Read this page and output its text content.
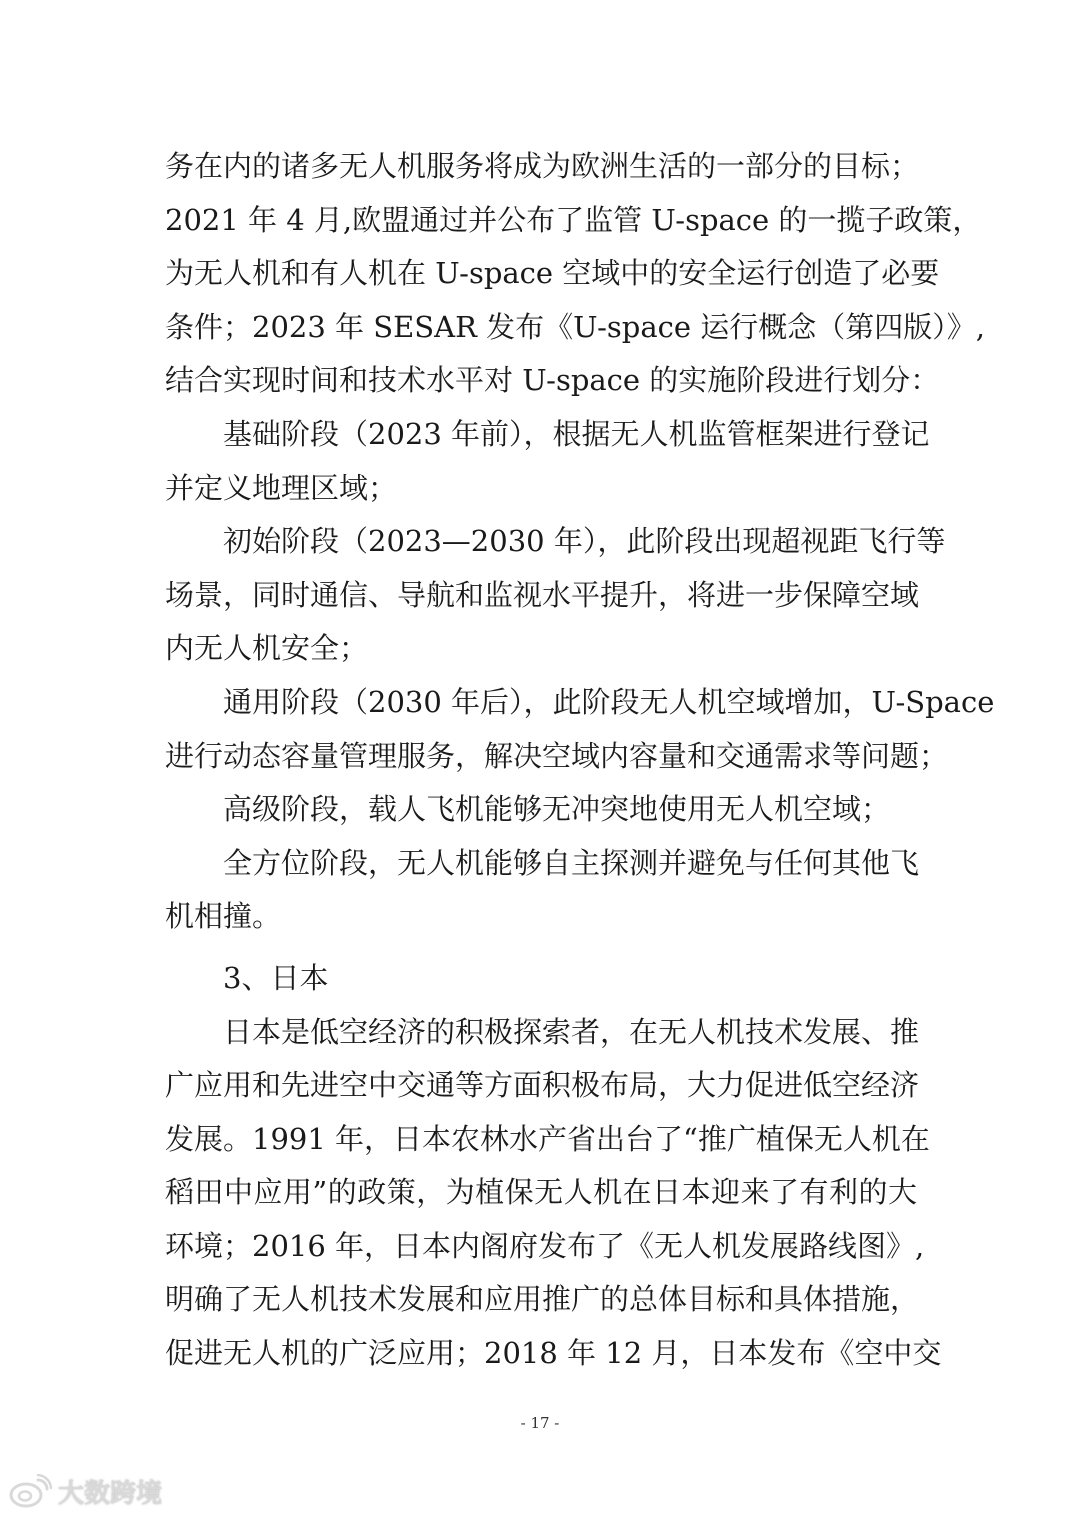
务在内的诸多无人机服务将成为欧洲生活的一部分的目标；
2021 年 4 月,欧盟通过并公布了监管 U-space 的一揽子政策，
为无人机和有人机在 U-space 空域中的安全运行创造了必要
条件；2023 年 SESAR 发布《U-space 运行概念（第四版）》,
结合实现时间和技术水平对 U-space 的实施阶段进行划分：
基础阶段（2023 年前），根据无人机监管框架进行登记
并定义地理区域；
初始阶段（2023—2030 年），此阶段出现超视距飞行等
场景，同时通信、导航和监视水平提升，将进一步保障空域
内无人机安全；
通用阶段（2030 年后），此阶段无人机空域增加，U-Space
进行动态容量管理服务，解决空域内容量和交通需求等问题；
高级阶段，载人飞机能够无冲突地使用无人机空域；
全方位阶段，无人机能够自主探测并避免与任何其他飞
机相撞。
3、日本
日本是低空经济的积极探索者，在无人机技术发展、推
广应用和先进空中交通等方面积极布局，大力促进低空经济
发展。1991 年，日本农林水产省出台了“推广植保无人机在
稻田中应用”的政策，为植保无人机在日本迎来了有利的大
环境；2016 年，日本内阁府发布了《无人机发展路线图》,
明确了无人机技术发展和应用推广的总体目标和具体措施，
促进无人机的广泛应用；2018 年 12 月，日本发布《空中交
- 17 -
大数跨境
